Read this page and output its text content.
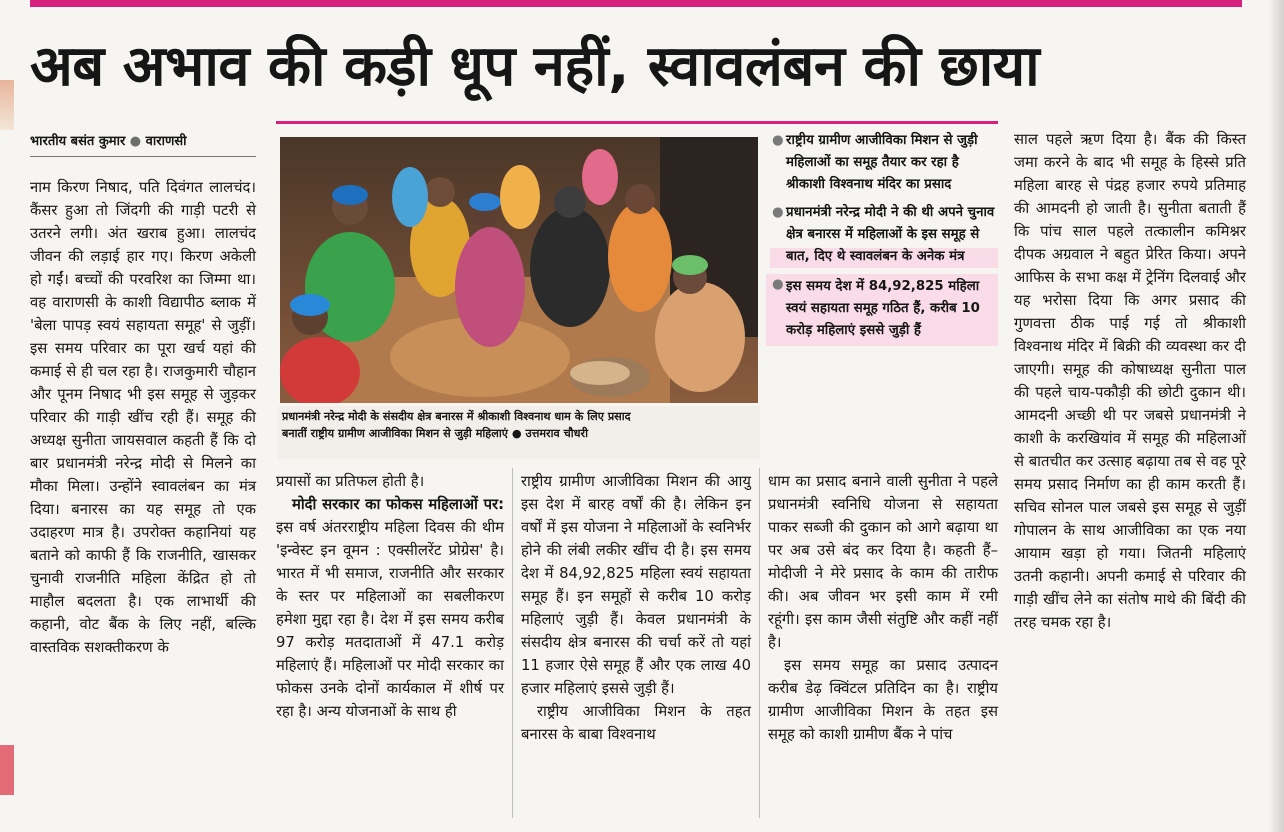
अब अभाव की कड़ी धूप नहीं, स्वावलंबन की छाया
भारतीय बसंत कुमार ● वाराणसी
प्रधानमंत्री नरेन्द्र मोदी के संसदीय क्षेत्र बनारस में श्रीकाशी विश्वनाथ धाम के लिए प्रसाद
बनातीं राष्ट्रीय ग्रामीण आजीविका मिशन से जुड़ी महिलाएं ● उत्तमराव चौधरी
● राष्ट्रीय ग्रामीण आजीविका मिशन से जुड़ी महिलाओं का समूह तैयार कर रहा है श्रीकाशी विश्वनाथ मंदिर का प्रसाद
● प्रधानमंत्री नरेन्द्र मोदी ने की थी अपने चुनाव क्षेत्र बनारस में महिलाओं के इस समूह से बात, दिए थे स्वावलंबन के अनेक मंत्र
● इस समय देश में 84,92,825 महिला स्वयं सहायता समूह गठित हैं, करीब 10 करोड़ महिलाएं इससे जुड़ी हैं

नाम किरण निषाद, पति दिवंगत लालचंद। कैंसर हुआ तो जिंदगी की गाड़ी पटरी से उतरने लगी। अंत खराब हुआ। लालचंद जीवन की लड़ाई हार गए। किरण अकेली हो गईं। बच्चों की परवरिश का जिम्मा था। वह वाराणसी के काशी विद्यापीठ ब्लाक में 'बेला पापड़ स्वयं सहायता समूह' से जुड़ीं। इस समय परिवार का पूरा खर्च यहां की कमाई से ही चल रहा है। राजकुमारी चौहान और पूनम निषाद भी इस समूह से जुड़कर परिवार की गाड़ी खींच रही हैं। समूह की अध्यक्ष सुनीता जायसवाल कहती हैं कि दो बार प्रधानमंत्री नरेन्द्र मोदी से मिलने का मौका मिला। उन्होंने स्वावलंबन का मंत्र दिया। बनारस का यह समूह तो एक उदाहरण मात्र है। उपरोक्त कहानियां यह बताने को काफी हैं कि राजनीति, खासकर चुनावी राजनीति महिला केंद्रित हो तो माहौल बदलता है। एक लाभार्थी की कहानी, वोट बैंक के लिए नहीं, बल्कि वास्तविक सशक्तीकरण के

प्रयासों का प्रतिफल होती है।

मोदी सरकार का फोकस महिलाओं पर: इस वर्ष अंतरराष्ट्रीय महिला दिवस की थीम 'इन्वेस्ट इन वूमन : एक्सीलरेंट प्रोग्रेस' है। भारत में भी समाज, राजनीति और सरकार के स्तर पर महिलाओं का सबलीकरण हमेशा मुद्दा रहा है। देश में इस समय करीब 97 करोड़ मतदाताओं में 47.1 करोड़ महिलाएं हैं। महिलाओं पर मोदी सरकार का फोकस उनके दोनों कार्यकाल में शीर्ष पर रहा है। अन्य योजनाओं के साथ ही

राष्ट्रीय ग्रामीण आजीविका मिशन की आयु इस देश में बारह वर्षों की है। लेकिन इन वर्षों में इस योजना ने महिलाओं के स्वनिर्भर होने की लंबी लकीर खींच दी है। इस समय देश में 84,92,825 महिला स्वयं सहायता समूह हैं। इन समूहों से करीब 10 करोड़ महिलाएं जुड़ी हैं। केवल प्रधानमंत्री के संसदीय क्षेत्र बनारस की चर्चा करें तो यहां 11 हजार ऐसे समूह हैं और एक लाख 40 हजार महिलाएं इससे जुड़ी हैं।

राष्ट्रीय आजीविका मिशन के तहत बनारस के बाबा विश्वनाथ

धाम का प्रसाद बनाने वाली सुनीता ने पहले प्रधानमंत्री स्वनिधि योजना से सहायता पाकर सब्जी की दुकान को आगे बढ़ाया था पर अब उसे बंद कर दिया है। कहती हैं–मोदीजी ने मेरे प्रसाद के काम की तारीफ की। अब जीवन भर इसी काम में रमी रहूंगी। इस काम जैसी संतुष्टि और कहीं नहीं है।

इस समय समूह का प्रसाद उत्पादन करीब डेढ़ क्विंटल प्रतिदिन का है। राष्ट्रीय ग्रामीण आजीविका मिशन के तहत इस समूह को काशी ग्रामीण बैंक ने पांच

साल पहले ऋण दिया है। बैंक की किस्त जमा करने के बाद भी समूह के हिस्से प्रति महिला बारह से पंद्रह हजार रुपये प्रतिमाह की आमदनी हो जाती है। सुनीता बताती हैं कि पांच साल पहले तत्कालीन कमिश्नर दीपक अग्रवाल ने बहुत प्रेरित किया। अपने आफिस के सभा कक्ष में ट्रेनिंग दिलवाई और यह भरोसा दिया कि अगर प्रसाद की गुणवत्ता ठीक पाई गई तो श्रीकाशी विश्वनाथ मंदिर में बिक्री की व्यवस्था कर दी जाएगी। समूह की कोषाध्यक्ष सुनीता पाल की पहले चाय-पकौड़ी की छोटी दुकान थी। आमदनी अच्छी थी पर जबसे प्रधानमंत्री ने काशी के करखियांव में समूह की महिलाओं से बातचीत कर उत्साह बढ़ाया तब से वह पूरे समय प्रसाद निर्माण का ही काम करती हैं। सचिव सोनल पाल जबसे इस समूह से जुड़ीं गोपालन के साथ आजीविका का एक नया आयाम खड़ा हो गया। जितनी महिलाएं उतनी कहानी। अपनी कमाई से परिवार की गाड़ी खींच लेने का संतोष माथे की बिंदी की तरह चमक रहा है।
